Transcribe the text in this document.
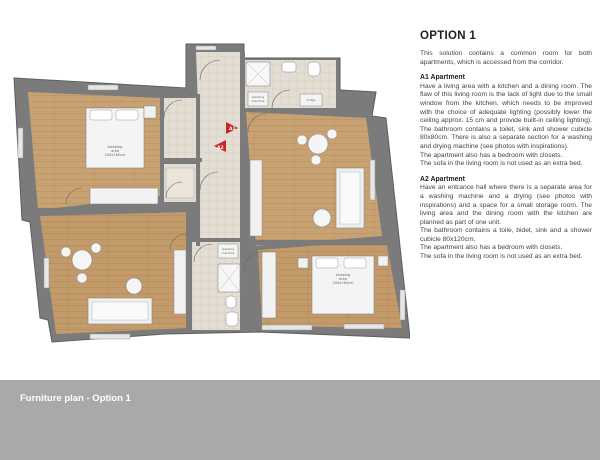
sleeping
area
200x160cm
washing
machine	fridge
A1
A2
washing
machine
sleeping
area
200x160cm
OPTION 1

This solution contains a common room for both apartments, which is accessed from the corridor.

A1 Apartment

Have a living area with a kitchen and a dining room. The flaw of this living room is the lack of light due to the small window from the kitchen, which needs to be improved with the choice of adequate lighting (possibly lower the ceiling approx. 15 cm and provide built-in ceiling lighting). The bathroom contains a toilet, sink and shower cubicle 80x80cm. There is also a separate section for a washing and drying machine (see photos with inspirations).

The apartment also has a bedroom with closets.

The sofa in the living room is not used as an extra bed.

A2 Apartment

Have an entrance hall where there is a separate area for a washing machine and a drying (see photos with inspirations) and a space for a small storage room. The living area and the dining room with the kitchen are planned as part of one unit.

The bathroom contains a toile, bidet, sink and a shower cubicle 80x120cm.

The apartment also has a bedroom with closets.

The sofa in the living room is not used as an extra bed.

Furniture plan - Option 1
